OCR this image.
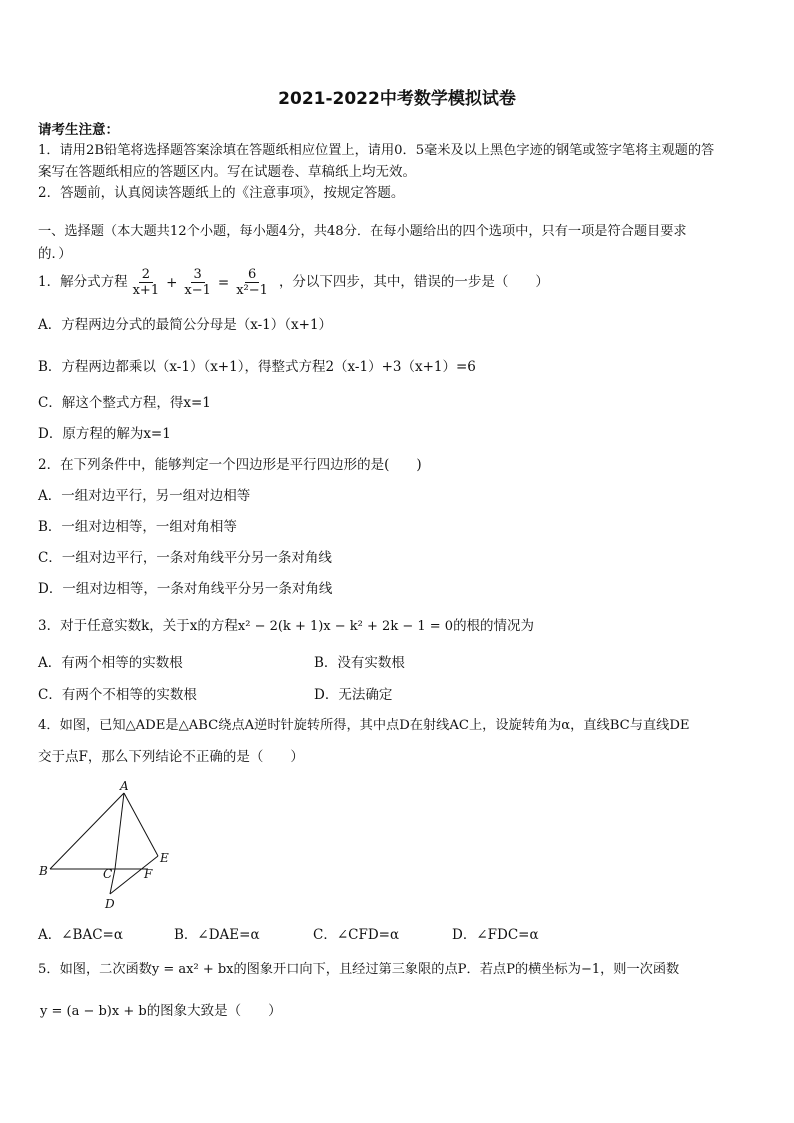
2021-2022中考数学模拟试卷
请考生注意：
1．请用2B铅笔将选择题答案涂填在答题纸相应位置上，请用0．5毫米及以上黑色字迹的钢笔或签字笔将主观题的答
案写在答题纸相应的答题区内。写在试题卷、草稿纸上均无效。
2．答题前，认真阅读答题纸上的《注意事项》，按规定答题。
一、选择题（本大题共12个小题，每小题4分，共48分．在每小题给出的四个选项中，只有一项是符合题目要求
的．）
1．解分式方程 $\frac{2}{x+1} + \frac{3}{x-1} = \frac{6}{\text{x²−1}}$ ，分以下四步，其中，错误的一步是（　　）
A．方程两边分式的最简公分母是（x-1）（x+1）
B．方程两边都乘以（x-1）（x+1），得整式方程2（x-1）+3（x+1）=6
C．解这个整式方程，得x=1
D．原方程的解为x=1
2．在下列条件中，能够判定一个四边形是平行四边形的是(　　)
A．一组对边平行，另一组对边相等
B．一组对边相等，一组对角相等
C．一组对边平行，一条对角线平分另一条对角线
D．一组对边相等，一条对角线平分另一条对角线
3．对于任意实数k，关于x的方程x² − 2(k + 1)x − k² + 2k − 1 = 0的根的情况为
A．有两个相等的实数根	B．没有实数根
C．有两个不相等的实数根	D．无法确定
4．如图，已知△ADE是△ABC绕点A逆时针旋转所得，其中点D在射线AC上，设旋转角为α，直线BC与直线DE
交于点F，那么下列结论不正确的是（　　）
A
B	C
D
E
F
A．∠BAC=α	B．∠DAE=α	C．∠CFD=α	D．∠FDC=α
5．如图，二次函数y = ax² + bx的图象开口向下，且经过第三象限的点P．若点P的横坐标为−1，则一次函数
y = (a − b)x + b的图象大致是（　　）
